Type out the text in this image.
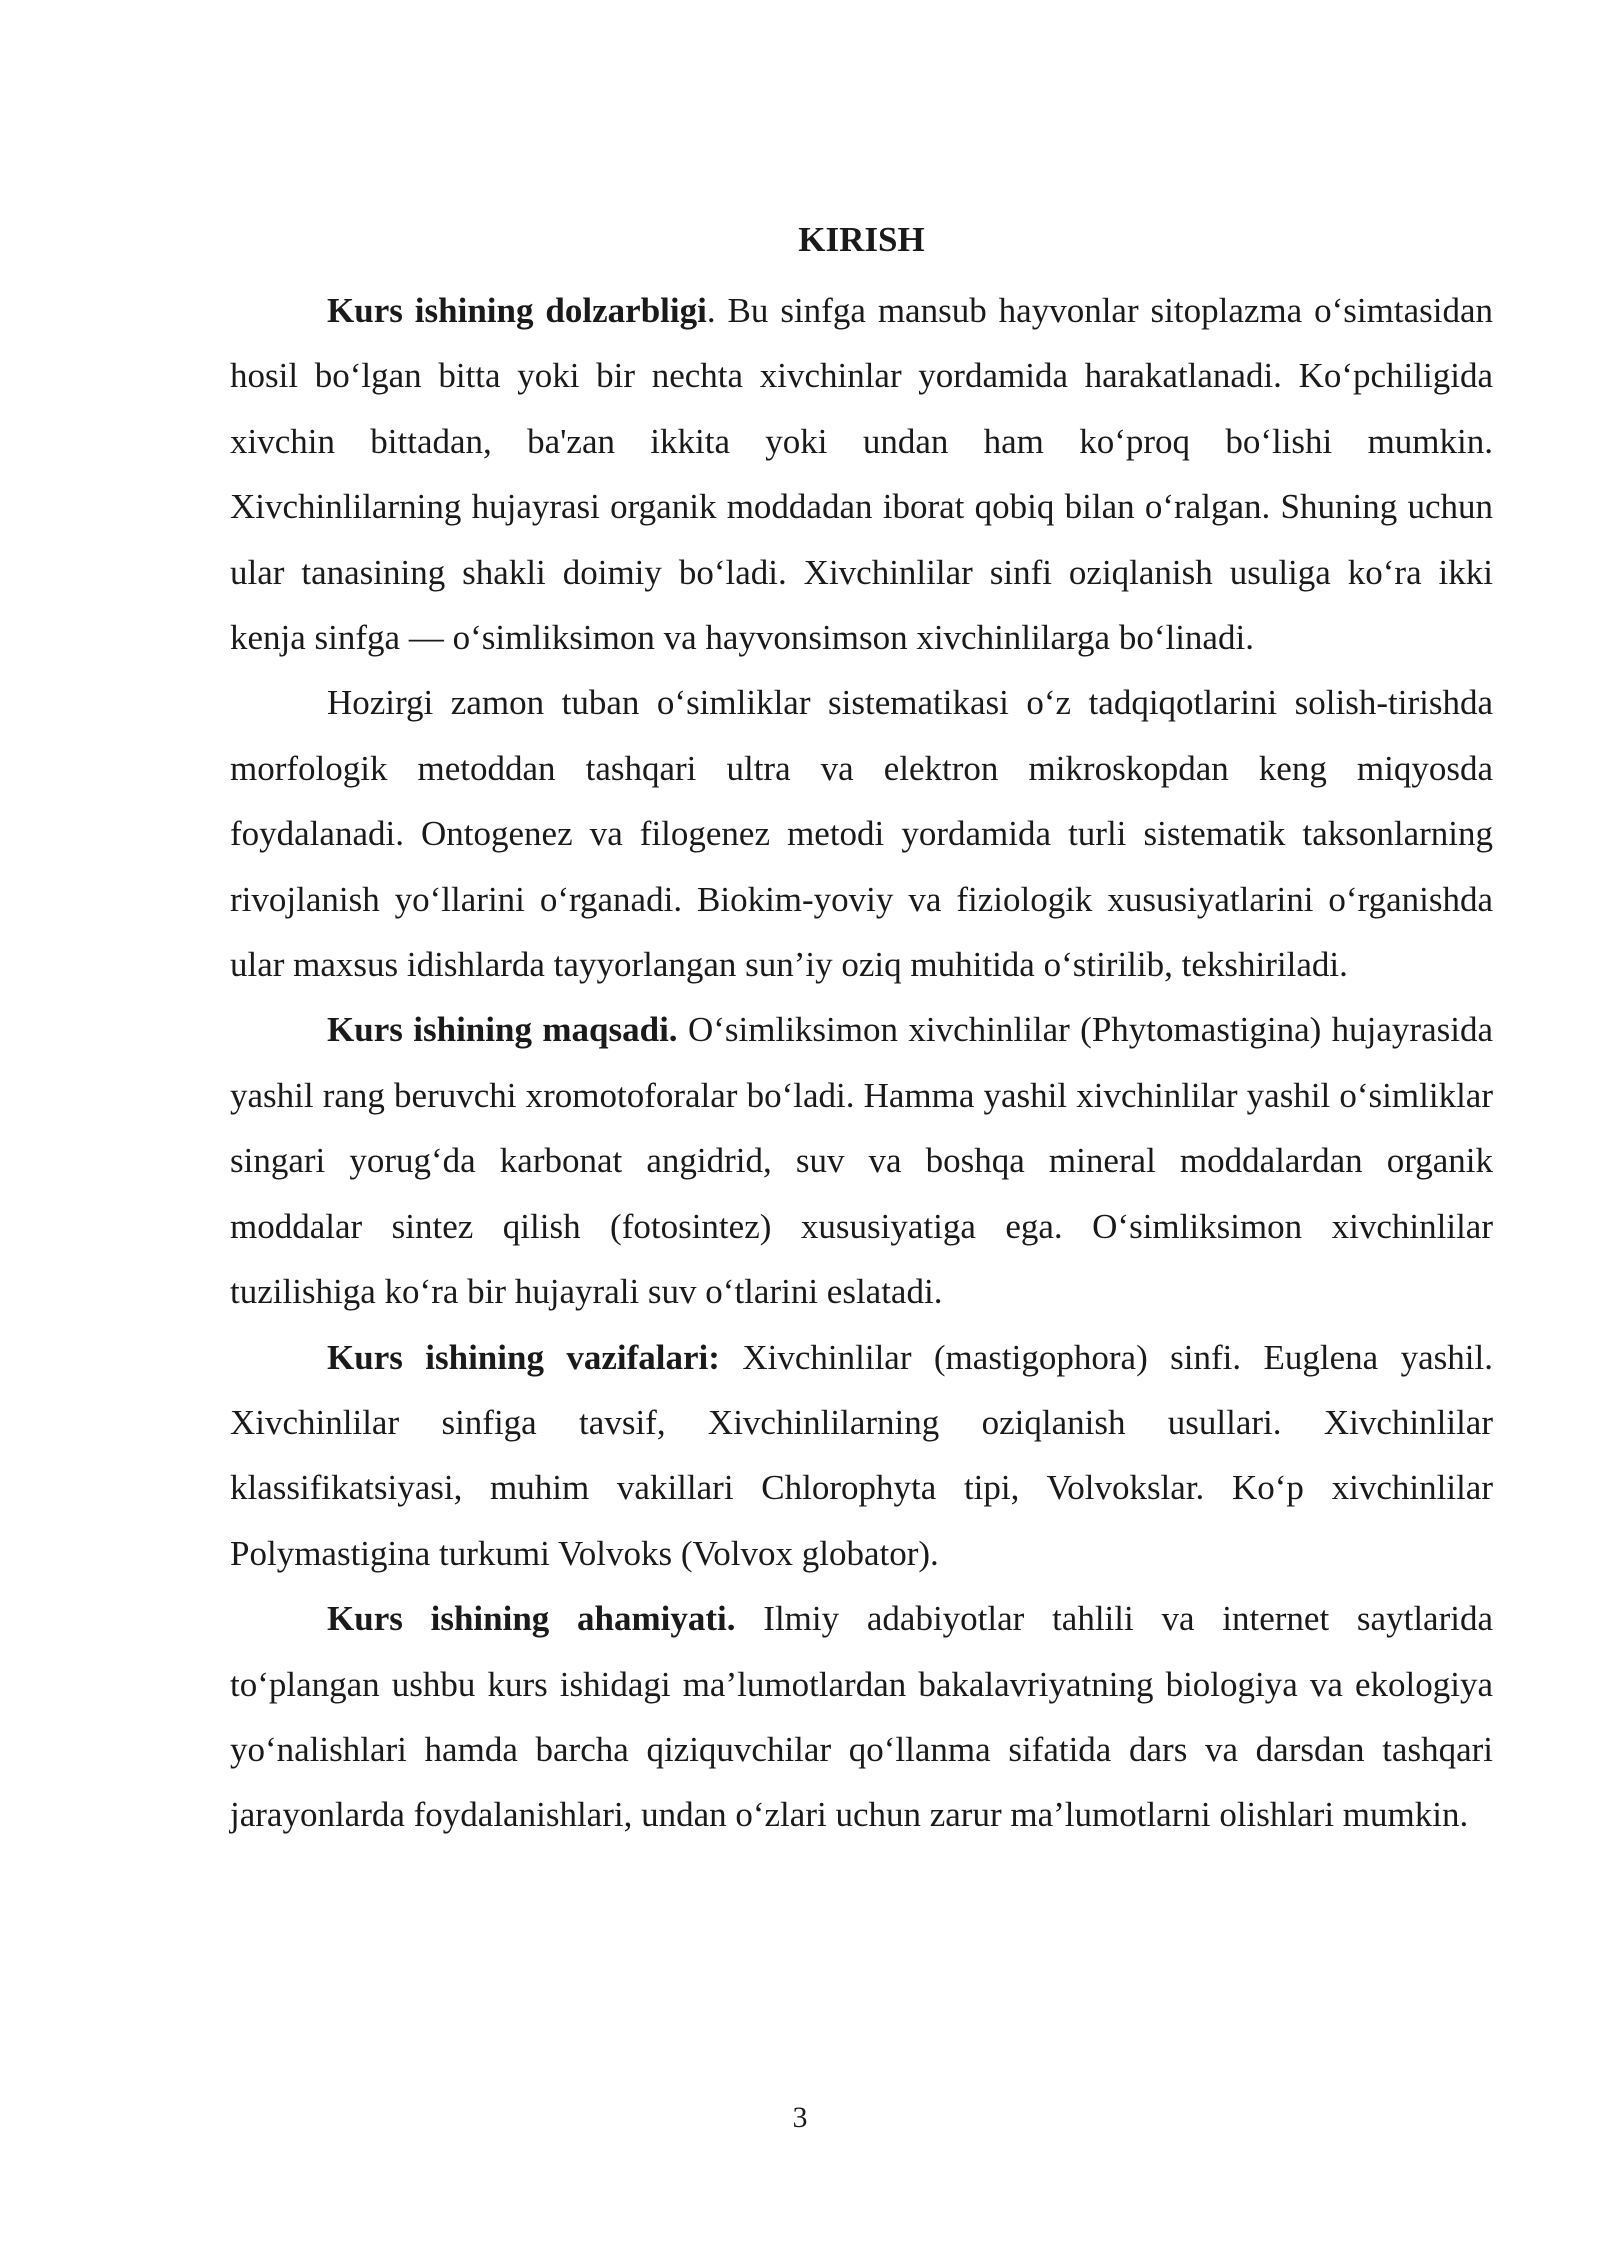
KIRISH

Kurs ishining dolzarbligi. Bu sinfga mansub hayvonlar sitoplazma o‘simtasidan hosil bo‘lgan bitta yoki bir nechta xivchinlar yordamida harakatlanadi. Ko‘pchiligida xivchin bittadan, ba'zan ikkita yoki undan ham ko‘proq bo‘lishi mumkin. Xivchinlilarning hujayrasi organik moddadan iborat qobiq bilan o‘ralgan. Shuning uchun ular tanasining shakli doimiy bo‘ladi. Xivchinlilar sinfi oziqlanish usuliga ko‘ra ikki kenja sinfga — o‘simliksimon va hayvonsimson xivchinlilarga bo‘linadi.

Hozirgi zamon tuban o‘simliklar sistematikasi o‘z tadqiqotlarini solish-tirishda morfologik metoddan tashqari ultra va elektron mikroskopdan keng miqyosda foydalanadi. Ontogenez va filogenez metodi yordamida turli sistematik taksonlarning rivojlanish yo‘llarini o‘rganadi. Biokim-yoviy va fiziologik xususiyatlarini o‘rganishda ular maxsus idishlarda tayyorlangan sun’iy oziq muhitida o‘stirilib, tekshiriladi.

Kurs ishining maqsadi. O‘simliksimon xivchinlilar (Phytomastigina) hujayrasida yashil rang beruvchi xromotoforalar bo‘ladi. Hamma yashil xivchinlilar yashil o‘simliklar singari yorug‘da karbonat angidrid, suv va boshqa mineral moddalardan organik moddalar sintez qilish (fotosintez) xususiyatiga ega. O‘simliksimon xivchinlilar tuzilishiga ko‘ra bir hujayrali suv o‘tlarini eslatadi.

Kurs ishining vazifalari: Xivchinlilar (mastigophora) sinfi. Euglena yashil. Xivchinlilar sinfiga tavsif, Xivchinlilarning oziqlanish usullari. Xivchinlilar klassifikatsiyasi, muhim vakillari Chlorophyta tipi, Volvokslar. Ko‘p xivchinlilar Polymastigina turkumi Volvoks (Volvox globator).

Kurs ishining ahamiyati. Ilmiy adabiyotlar tahlili va internet saytlarida to‘plangan ushbu kurs ishidagi ma’lumotlardan bakalavriyatning biologiya va ekologiya yo‘nalishlari hamda barcha qiziquvchilar qo‘llanma sifatida dars va darsdan tashqari jarayonlarda foydalanishlari, undan o‘zlari uchun zarur ma’lumotlarni olishlari mumkin.

3
